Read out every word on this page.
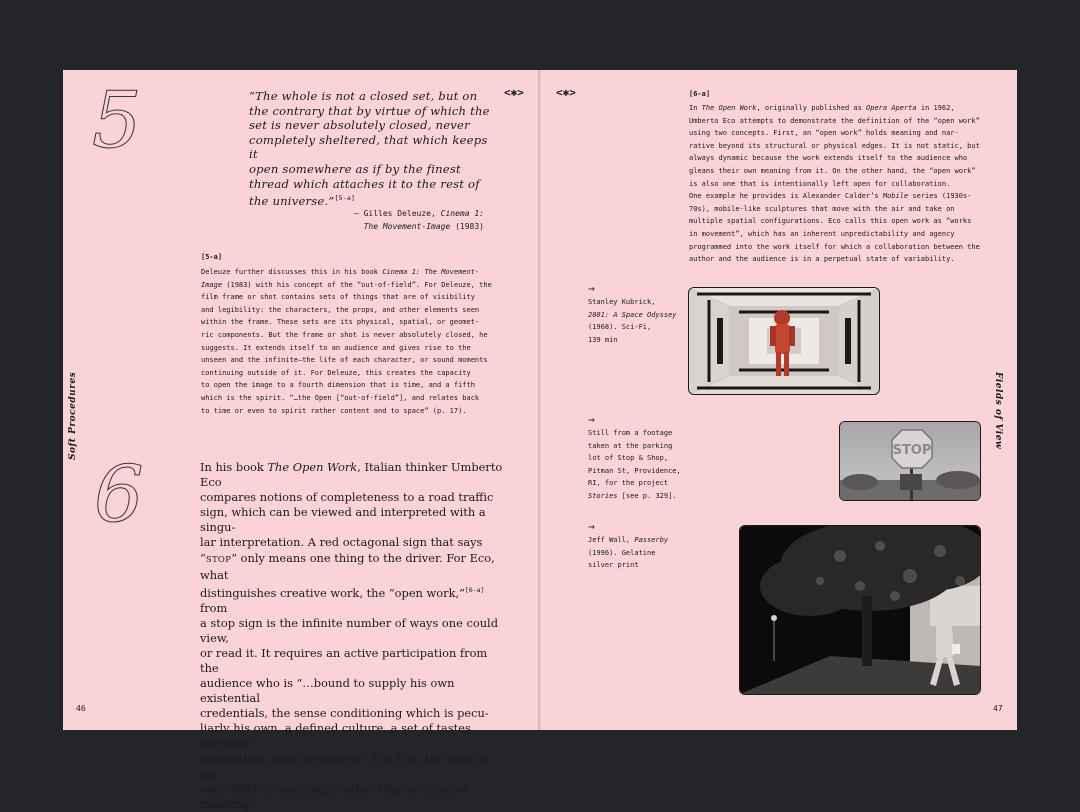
5	“The whole is not a closed set, but on
the contrary that by virtue of which the
set is never absolutely closed, never
completely sheltered, that which keeps it
open somewhere as if by the finest
thread which attaches it to the rest of
the universe.”[5-a]
— Gilles Deleuze, Cinema 1:
The Movement-Image (1983)
[5-a]
Deleuze further discusses this in his book Cinema 1: The Movement-
Image (1983) with his concept of the “out-of-field”. For Deleuze, the
film frame or shot contains sets of things that are of visibility
and legibility: the characters, the props, and other elements seen
within the frame. These sets are its physical, spatial, or geomet-
ric components. But the frame or shot is never absolutely closed, he
suggests. It extends itself to an audience and gives rise to the
unseen and the infinite—the life of each character, or sound moments
continuing outside of it. For Deleuze, this creates the capacity
to open the image to a fourth dimension that is time, and a fifth
which is the spirit. “…the Open [“out-of-field”], and relates back
to time or even to spirit rather content and to space” (p. 17).
6	In his book The Open Work, Italian thinker Umberto Eco
compares notions of completeness to a road traffic
sign, which can be viewed and interpreted with a singu-
lar interpretation. A red octagonal sign that says
“STOP” only means one thing to the driver. For Eco, what
distinguishes creative work, the “open work,”[6-a] from
a stop sign is the infinite number of ways one could view,
or read it. It requires an active participation from the
audience who is “…bound to supply his own existential
credentials, the sense conditioning which is pecu-
liarly his own, a defined culture, a set of tastes, personal
inclinations, and prejudices.” For Eco, the work is an
open field of meanings, rather than a string of meaning.
Soft Procedures
46
<✱>	<✱>	[6-a]
In The Open Work, originally published as Opera Aperta in 1962,
Umberto Eco attempts to demonstrate the definition of the “open work”
using two concepts. First, an “open work” holds meaning and nar-
rative beyond its structural or physical edges. It is not static, but
always dynamic because the work extends itself to the audience who
gleans their own meaning from it. On the other hand, the “open work”
is also one that is intentionally left open for collaboration.
One example he provides is Alexander Calder’s Mobile series (1930s-
70s), mobile-like sculptures that move with the air and take on
multiple spatial configurations. Eco calls this open work as “works
in movement”, which has an inherent unpredictability and agency
programmed into the work itself for which a collaboration between the
author and the audience is in a perpetual state of variability.
→
Stanley Kubrick,
2001: A Space Odyssey
(1968). Sci-Fi,
139 min
→
Still from a footage
taken at the parking
lot of Stop & Shop,
Pitman St, Providence,
RI, for the project
Stories [see p. 329].
STOP
→
Jeff Wall, Passerby
(1996). Gelatine
silver print
Fields of View
47
